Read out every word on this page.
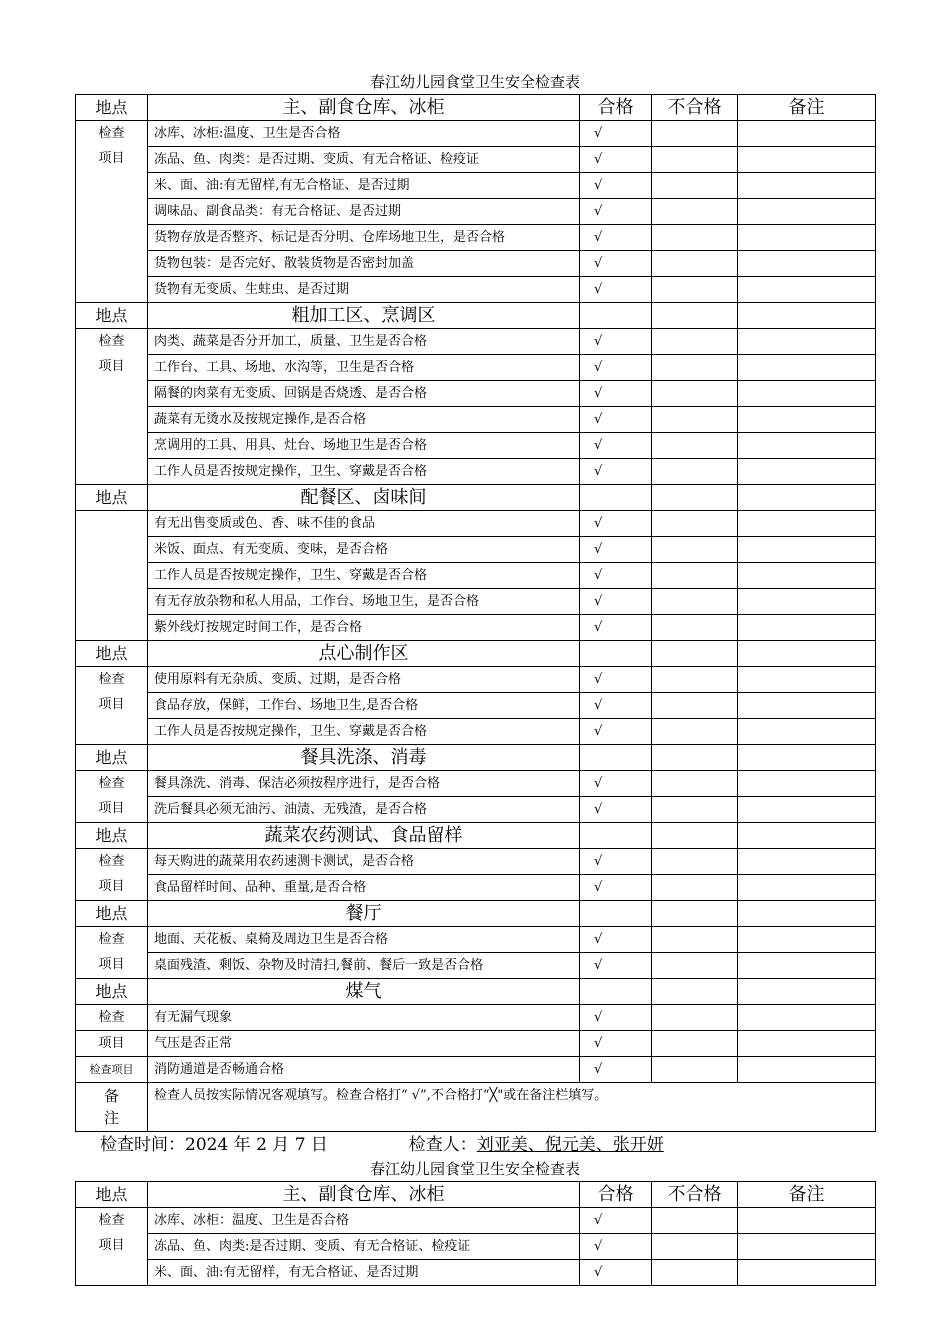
春江幼儿园食堂卫生安全检查表
地点	主、副食仓库、冰柜	合格	不合格	备注

检查
项目	冰库、冰柜:温度、卫生是否合格	√		
	冻品、鱼、肉类：是否过期、变质、有无合格证、检疫证	√		
	米、面、油:有无留样,有无合格证、是否过期	√		
	调味品、副食品类：有无合格证、是否过期	√		
	货物存放是否整齐、标记是否分明、仓库场地卫生，是否合格	√		
	货物包装：是否完好、散装货物是否密封加盖	√		
	货物有无变质、生蛀虫、是否过期	√		
地点	粗加工区、烹调区			

检查
项目	肉类、蔬菜是否分开加工，质量、卫生是否合格	√		
	工作台、工具、场地、水沟等，卫生是否合格	√		
	隔餐的肉菜有无变质、回锅是否烧透、是否合格	√		
	蔬菜有无烫水及按规定操作,是否合格	√		
	烹调用的工具、用具、灶台、场地卫生是否合格	√		
	工作人员是否按规定操作，卫生、穿戴是否合格	√		
地点	配餐区、卤味间			
	有无出售变质或色、香、味不佳的食品	√		
	米饭、面点、有无变质、变味，是否合格	√		
	工作人员是否按规定操作，卫生、穿戴是否合格	√		
	有无存放杂物和私人用品，工作台、场地卫生，是否合格	√		
	紫外线灯按规定时间工作，是否合格	√		
地点	点心制作区			

检查
项目	使用原料有无杂质、变质、过期，是否合格	√		
	食品存放，保鲜，工作台、场地卫生,是否合格	√		
	工作人员是否按规定操作，卫生、穿戴是否合格	√		
地点	餐具洗涤、消毒			

检查
项目	餐具涤洗、消毒、保洁必须按程序进行，是否合格	√		
	洗后餐具必须无油污、油渍、无残渣，是否合格	√		
地点	蔬菜农药测试、食品留样			

检查
项目	每天购进的蔬菜用农药速测卡测试，是否合格	√		
	食品留样时间、品种、重量,是否合格	√		
地点	餐厅			

检查
项目	地面、天花板、桌椅及周边卫生是否合格	√		
	桌面残渣、剩饭、杂物及时清扫,餐前、餐后一致是否合格	√		
地点	煤气			
检查	有无漏气现象	√		
项目	气压是否正常	√		
检查项目	消防通道是否畅通合格	√		

备
注	检查人员按实际情况客观填写。检查合格打“ √”,不合格打“╳"或在备注栏填写。			
检查时间：2024 年 2 月 7 日	检查人：刘亚美、倪元美、张开妍
春江幼儿园食堂卫生安全检查表
地点	主、副食仓库、冰柜	合格	不合格	备注

检查
项目	冰库、冰柜：温度、卫生是否合格	√		
	冻品、鱼、肉类:是否过期、变质、有无合格证、检疫证	√		
	米、面、油:有无留样，有无合格证、是否过期	√		
